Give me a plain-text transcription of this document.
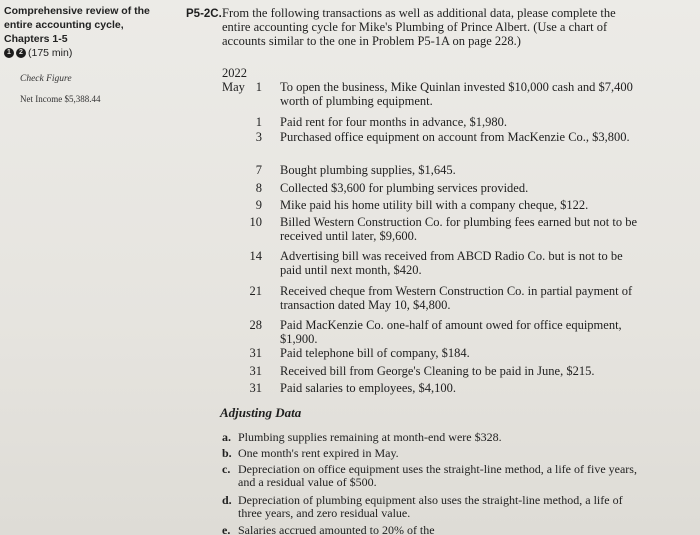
Comprehensive review of the
entire accounting cycle,
Chapters 1-5
1	2 (175 min)
Check Figure
Net Income $5,388.44
P5-2C. From the following transactions as well as additional data, please complete the entire accounting cycle for Mike's Plumbing of Prince Albert. (Use a chart of accounts similar to the one in Problem P5-1A on page 228.)
2022
May 1 To open the business, Mike Quinlan invested $10,000 cash and $7,400 worth of plumbing equipment.
1 Paid rent for four months in advance, $1,980.
3 Purchased office equipment on account from MacKenzie Co., $3,800.
7 Bought plumbing supplies, $1,645.
8 Collected $3,600 for plumbing services provided.
9 Mike paid his home utility bill with a company cheque, $122.
10 Billed Western Construction Co. for plumbing fees earned but not to be received until later, $9,600.
14 Advertising bill was received from ABCD Radio Co. but is not to be paid until next month, $420.
21 Received cheque from Western Construction Co. in partial payment of transaction dated May 10, $4,800.
28 Paid MacKenzie Co. one-half of amount owed for office equipment, $1,900.
31 Paid telephone bill of company, $184.
31 Received bill from George's Cleaning to be paid in June, $215.
31 Paid salaries to employees, $4,100.
Adjusting Data
a. Plumbing supplies remaining at month-end were $328.
b. One month's rent expired in May.
c. Depreciation on office equipment uses the straight-line method, a life of five years, and a residual value of $500.
d. Depreciation of plumbing equipment also uses the straight-line method, a life of three years, and zero residual value.
e. Salaries accrued amounted to 20% of the
